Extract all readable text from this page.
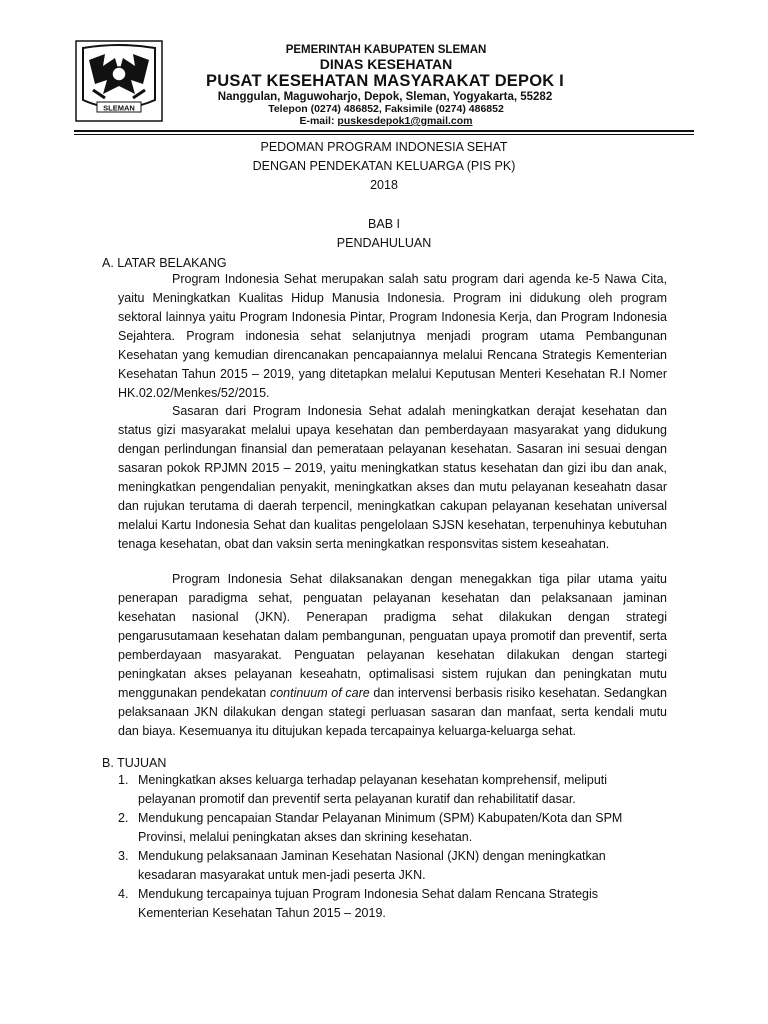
SLEMAN
PEMERINTAH KABUPATEN SLEMAN
DINAS KESEHATAN
PUSAT KESEHATAN MASYARAKAT DEPOK I
Nanggulan, Maguwoharjo, Depok, Sleman, Yogyakarta, 55282
Telepon (0274) 486852, Faksimile (0274) 486852
E-mail: puskesdepok1@gmail.com
PEDOMAN PROGRAM INDONESIA SEHAT
DENGAN PENDEKATAN KELUARGA (PIS PK)
2018
BAB I
PENDAHULUAN
A. LATAR BELAKANG
Program Indonesia Sehat merupakan salah satu program dari agenda ke-5 Nawa Cita, yaitu Meningkatkan Kualitas Hidup Manusia Indonesia. Program ini didukung oleh program sektoral lainnya yaitu Program Indonesia Pintar, Program Indonesia Kerja, dan Program Indonesia Sejahtera. Program indonesia sehat selanjutnya menjadi program utama Pembangunan Kesehatan yang kemudian direncanakan pencapaiannya melalui Rencana Strategis Kementerian Kesehatan Tahun 2015 – 2019, yang ditetapkan melalui Keputusan Menteri Kesehatan R.I Nomer HK.02.02/Menkes/52/2015.
Sasaran dari Program Indonesia Sehat adalah meningkatkan derajat kesehatan dan status gizi masyarakat melalui upaya kesehatan dan pemberdayaan masyarakat yang didukung dengan perlindungan finansial dan pemerataan pelayanan kesehatan. Sasaran ini sesuai dengan sasaran pokok RPJMN 2015 – 2019, yaitu meningkatkan status kesehatan dan gizi ibu dan anak, meningkatkan pengendalian penyakit, meningkatkan akses dan mutu pelayanan keseahatn dasar dan rujukan terutama di daerah terpencil, meningkatkan cakupan pelayanan kesehatan universal melalui Kartu Indonesia Sehat dan kualitas pengelolaan SJSN kesehatan, terpenuhinya kebutuhan tenaga kesehatan, obat dan vaksin serta meningkatkan responsvitas sistem keseahatan.
Program Indonesia Sehat dilaksanakan dengan menegakkan tiga pilar utama yaitu penerapan paradigma sehat, penguatan pelayanan kesehatan dan pelaksanaan jaminan kesehatan nasional (JKN). Penerapan pradigma sehat dilakukan dengan strategi pengarusutamaan kesehatan dalam pembangunan, penguatan upaya promotif dan preventif, serta pemberdayaan masyarakat. Penguatan pelayanan kesehatan dilakukan dengan startegi peningkatan akses pelayanan keseahatn, optimalisasi sistem rujukan dan peningkatan mutu menggunakan pendekatan continuum of care dan intervensi berbasis risiko kesehatan. Sedangkan pelaksanaan JKN dilakukan dengan stategi perluasan sasaran dan manfaat, serta kendali mutu dan biaya. Kesemuanya itu ditujukan kepada tercapainya keluarga-keluarga sehat.
B. TUJUAN
1. Meningkatkan akses keluarga terhadap pelayanan kesehatan komprehensif, meliputi
pelayanan promotif dan preventif serta pelayanan kuratif dan rehabilitatif dasar.
2. Mendukung pencapaian Standar Pelayanan Minimum (SPM) Kabupaten/Kota dan SPM
Provinsi, melalui peningkatan akses dan skrining kesehatan.
3. Mendukung pelaksanaan Jaminan Kesehatan Nasional (JKN) dengan meningkatkan
kesadaran masyarakat untuk men-jadi peserta JKN.
4. Mendukung tercapainya tujuan Program Indonesia Sehat dalam Rencana Strategis
Kementerian Kesehatan Tahun 2015 – 2019.
